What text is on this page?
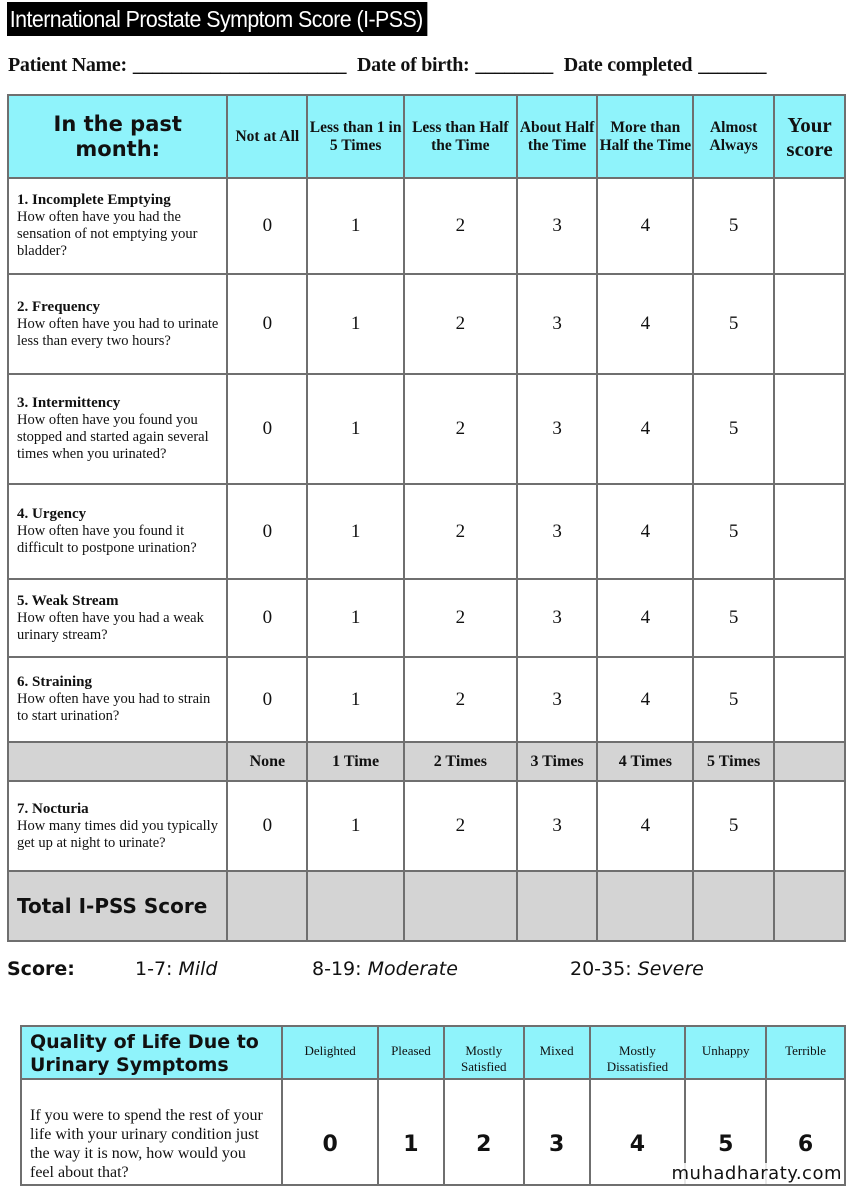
International Prostate Symptom Score (I-PSS)
Patient Name: ______________________ Date of birth: ________ Date completed _______
In the past month:	Not at All	Less than 1 in 5 Times	Less than Half the Time	About Half the Time	More than Half the Time	Almost Always	Your score
1. Incomplete Emptying
How often have you had the sensation of not emptying your bladder?	0	1	2	3	4	5	
2. Frequency
How often have you had to urinate less than every two hours?	0	1	2	3	4	5	
3. Intermittency
How often have you found you stopped and started again several times when you urinated?	0	1	2	3	4	5	
4. Urgency
How often have you found it difficult to postpone urination?	0	1	2	3	4	5	
5. Weak Stream
How often have you had a weak urinary stream?	0	1	2	3	4	5	
6. Straining
How often have you had to strain to start urination?	0	1	2	3	4	5	
	None	1 Time	2 Times	3 Times	4 Times	5 Times	
7. Nocturia
How many times did you typically get up at night to urinate?	0	1	2	3	4	5	
Total I-PSS Score							
Score:	1-7: Mild	8-19: Moderate	20-35: Severe
Quality of Life Due to Urinary Symptoms	Delighted	Pleased	Mostly Satisfied	Mixed	Mostly Dissatisfied	Unhappy	Terrible
If you were to spend the rest of your life with your urinary condition just the way it is now, how would you feel about that?	0	1	2	3	4	5	6
muhadharaty.com
